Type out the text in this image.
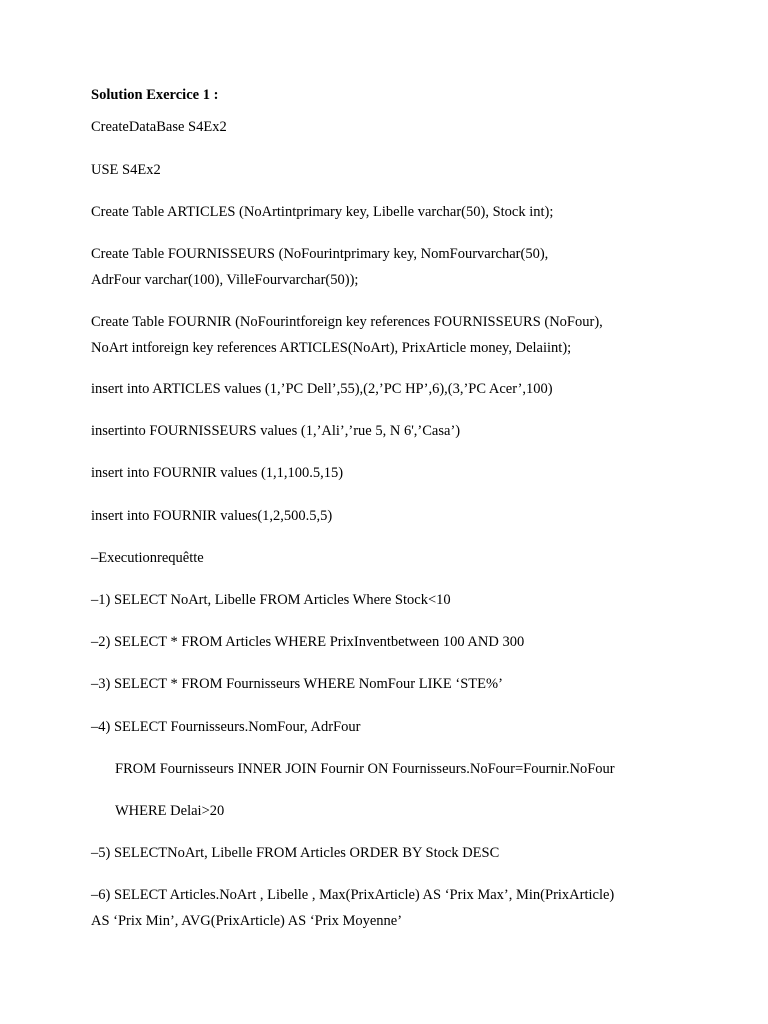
Solution Exercice 1 :
CreateDataBase S4Ex2
USE S4Ex2
Create Table ARTICLES (NoArtintprimary key, Libelle varchar(50), Stock int);
Create Table FOURNISSEURS (NoFourintprimary key, NomFourvarchar(50),
AdrFour varchar(100), VilleFourvarchar(50));
Create Table FOURNIR (NoFourintforeign key references FOURNISSEURS (NoFour),
NoArt intforeign key references ARTICLES(NoArt), PrixArticle money, Delaiint);
insert into ARTICLES values (1,’PC Dell’,55),(2,’PC HP’,6),(3,’PC Acer’,100)
insertinto FOURNISSEURS values (1,’Ali’,’rue 5, N 6',’Casa’)
insert into FOURNIR values (1,1,100.5,15)
insert into FOURNIR values(1,2,500.5,5)
–Executionrequêtte
–1) SELECT NoArt, Libelle FROM Articles Where Stock<10
–2) SELECT * FROM Articles WHERE PrixInventbetween 100 AND 300
–3) SELECT * FROM Fournisseurs WHERE NomFour LIKE ‘STE%’
–4) SELECT Fournisseurs.NomFour, AdrFour
FROM Fournisseurs INNER JOIN Fournir ON Fournisseurs.NoFour=Fournir.NoFour
WHERE Delai>20
–5) SELECTNoArt, Libelle FROM Articles ORDER BY Stock DESC
–6) SELECT Articles.NoArt , Libelle , Max(PrixArticle) AS ‘Prix Max’, Min(PrixArticle)
AS ‘Prix Min’, AVG(PrixArticle) AS ‘Prix Moyenne’
